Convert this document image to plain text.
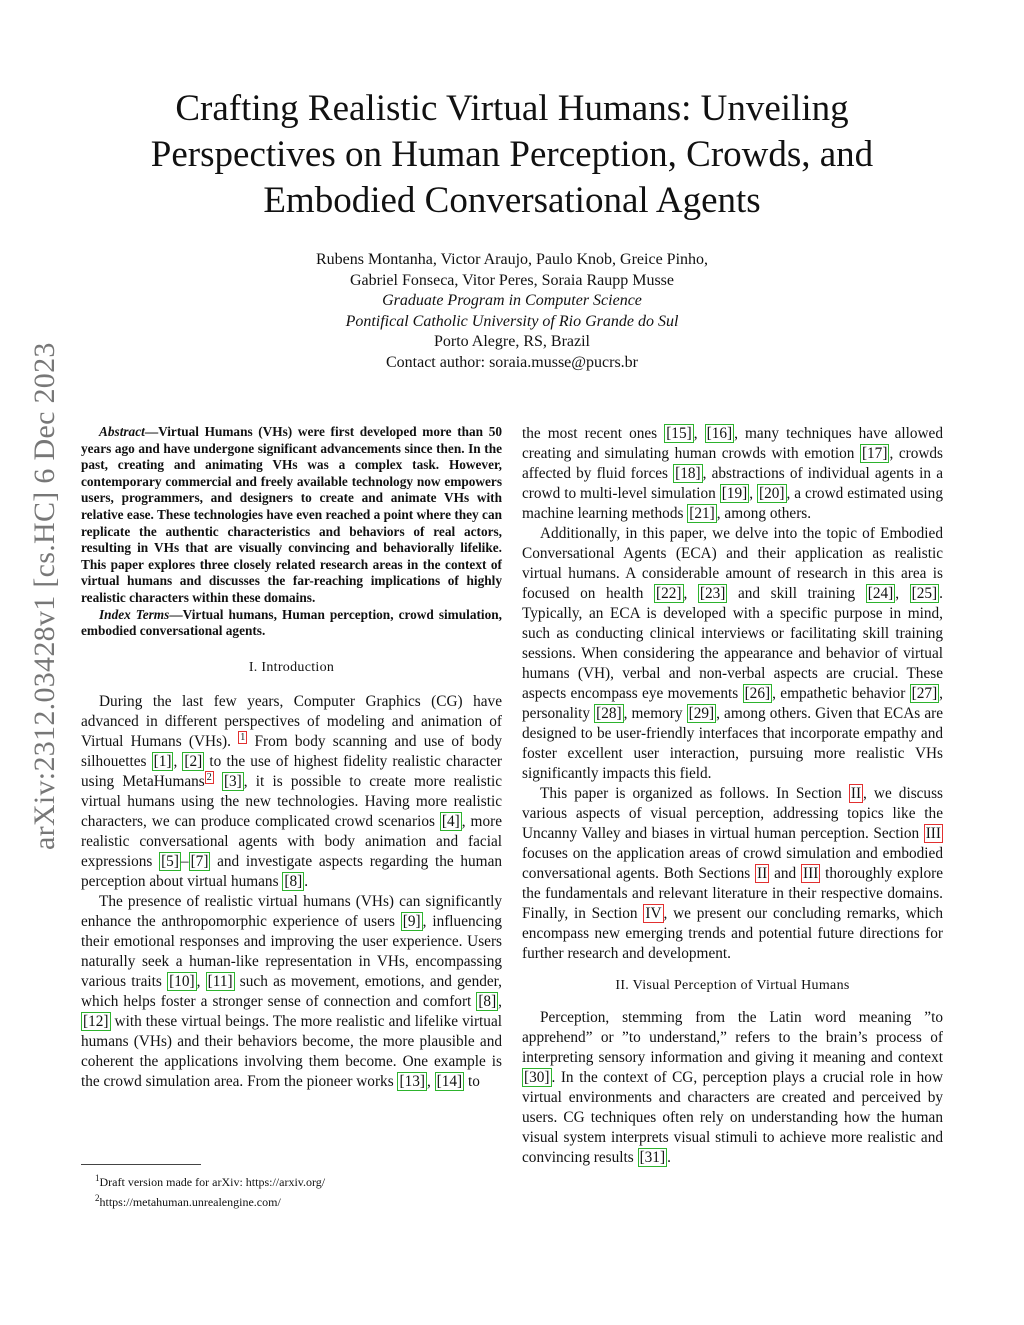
arXiv:2312.03428v1 [cs.HC] 6 Dec 2023
Crafting Realistic Virtual Humans: Unveiling
Perspectives on Human Perception, Crowds, and
Embodied Conversational Agents
Rubens Montanha, Victor Araujo, Paulo Knob, Greice Pinho,
Gabriel Fonseca, Vitor Peres, Soraia Raupp Musse
Graduate Program in Computer Science
Pontifical Catholic University of Rio Grande do Sul
Porto Alegre, RS, Brazil
Contact author: soraia.musse@pucrs.br

Abstract—Virtual Humans (VHs) were first developed more than 50 years ago and have undergone significant advancements since then. In the past, creating and animating VHs was a complex task. However, contemporary commercial and freely available technology now empowers users, programmers, and designers to create and animate VHs with relative ease. These technologies have even reached a point where they can replicate the authentic characteristics and behaviors of real actors, resulting in VHs that are visually convincing and behaviorally lifelike. This paper explores three closely related research areas in the context of virtual humans and discusses the far-reaching implications of highly realistic characters within these domains.

Index Terms—Virtual humans, Human perception, crowd simulation, embodied conversational agents.

I. Introduction

During the last few years, Computer Graphics (CG) have advanced in different perspectives of modeling and animation of Virtual Humans (VHs). $^1$ From body scanning and use of body silhouettes [1] , [2] to the use of highest fidelity realistic character using MetaHumans $^2$ [3] , it is possible to create more realistic virtual humans using the new technologies. Having more realistic characters, we can produce complicated crowd scenarios [4] , more realistic conversational agents with body animation and facial expressions [5] – [7] and investigate aspects regarding the human perception about virtual humans [8] .

The presence of realistic virtual humans (VHs) can significantly enhance the anthropomorphic experience of users [9] , influencing their emotional responses and improving the user experience. Users naturally seek a human-like representation in VHs, encompassing various traits [10] , [11] such as movement, emotions, and gender, which helps foster a stronger sense of connection and comfort [8] , [12] with these virtual beings. The more realistic and lifelike virtual humans (VHs) and their behaviors become, the more plausible and coherent the applications involving them become. One example is the crowd simulation area. From the pioneer works [13] , [14] to

the most recent ones [15] , [16] , many techniques have allowed creating and simulating human crowds with emotion [17] , crowds affected by fluid forces [18] , abstractions of individual agents in a crowd to multi-level simulation [19] , [20] , a crowd estimated using machine learning methods [21] , among others.

Additionally, in this paper, we delve into the topic of Embodied Conversational Agents (ECA) and their application as realistic virtual humans. A considerable amount of research in this area is focused on health [22] , [23] and skill training [24] , [25] . Typically, an ECA is developed with a specific purpose in mind, such as conducting clinical interviews or facilitating skill training sessions. When considering the appearance and behavior of virtual humans (VH), verbal and non-verbal aspects are crucial. These aspects encompass eye movements [26] , empathetic behavior [27] , personality [28] , memory [29] , among others. Given that ECAs are designed to be user-friendly interfaces that incorporate empathy and foster excellent user interaction, pursuing more realistic VHs significantly impacts this field.

This paper is organized as follows. In Section II , we discuss various aspects of visual perception, addressing topics like the Uncanny Valley and biases in virtual human perception. Section III focuses on the application areas of crowd simulation and embodied conversational agents. Both Sections II and III thoroughly explore the fundamentals and relevant literature in their respective domains. Finally, in Section IV , we present our concluding remarks, which encompass new emerging trends and potential future directions for further research and development.

II. Visual Perception of Virtual Humans

Perception, stemming from the Latin word meaning ”to apprehend” or ”to understand,” refers to the brain’s process of interpreting sensory information and giving it meaning and context [30] . In the context of CG, perception plays a crucial role in how virtual environments and characters are created and perceived by users. CG techniques often rely on understanding how the human visual system interprets visual stimuli to achieve more realistic and convincing results [31] .

$^1$Draft version made for arXiv: https://arxiv.org/
$^2$https://metahuman.unrealengine.com/
